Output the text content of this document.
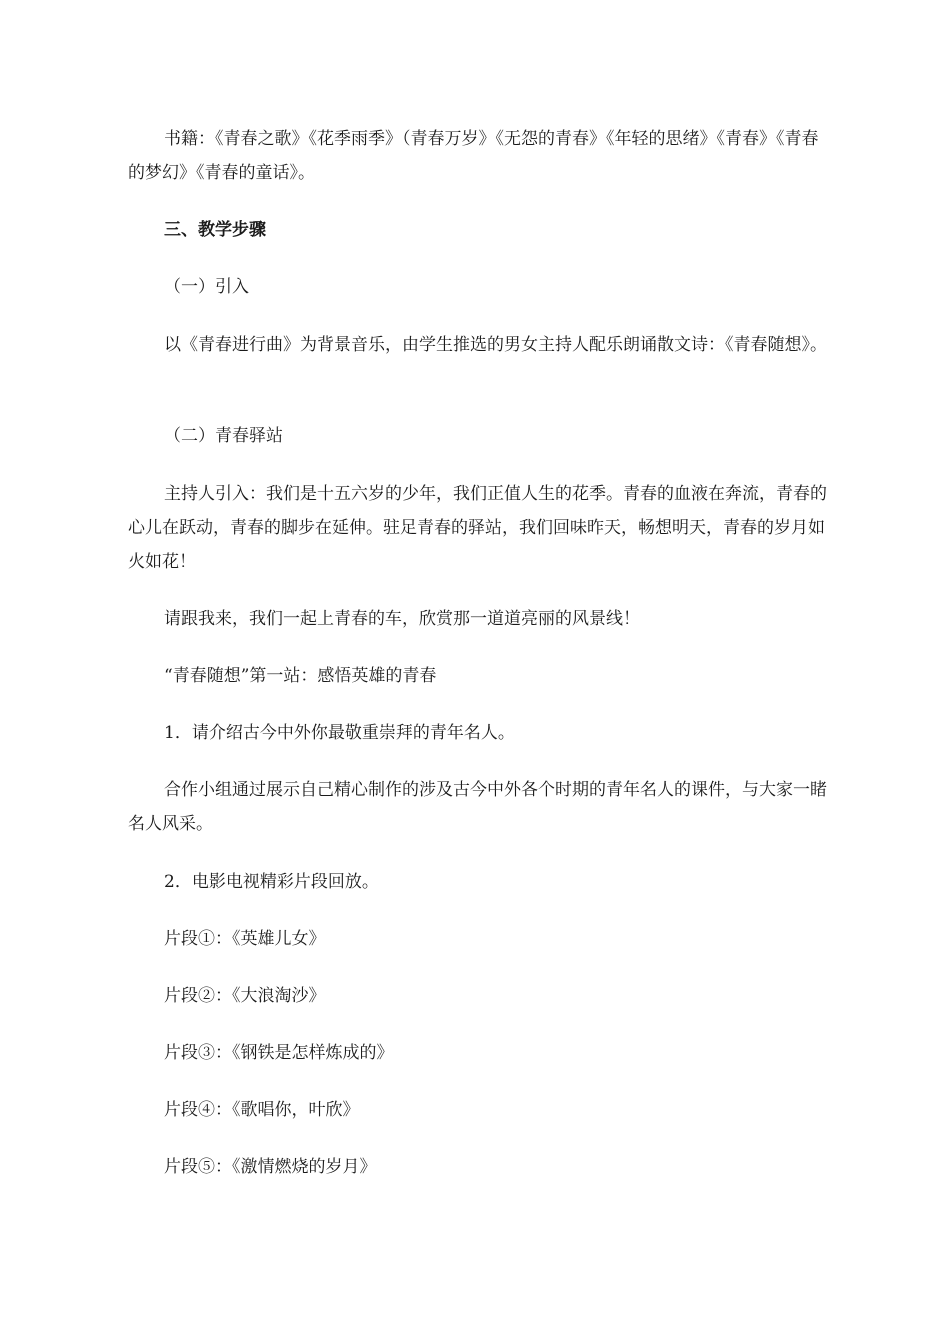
书籍：《青春之歌》《花季雨季》（青春万岁》《无怨的青春》《年轻的思绪》《青春》《青春的梦幻》《青春的童话》。
三、教学步骤
（一）引入
以《青春进行曲》为背景音乐，由学生推选的男女主持人配乐朗诵散文诗：《青春随想》。
（二）青春驿站
主持人引入：我们是十五六岁的少年，我们正值人生的花季。青春的血液在奔流，青春的心儿在跃动，青春的脚步在延伸。驻足青春的驿站，我们回味昨天，畅想明天，青春的岁月如火如花！
请跟我来，我们一起上青春的车，欣赏那一道道亮丽的风景线！
“青春随想”第一站：感悟英雄的青春
1．请介绍古今中外你最敬重崇拜的青年名人。
合作小组通过展示自己精心制作的涉及古今中外各个时期的青年名人的课件，与大家一睹名人风采。
2．电影电视精彩片段回放。
片段①：《英雄儿女》
片段②：《大浪淘沙》
片段③：《钢铁是怎样炼成的》
片段④：《歌唱你，叶欣》
片段⑤：《激情燃烧的岁月》
